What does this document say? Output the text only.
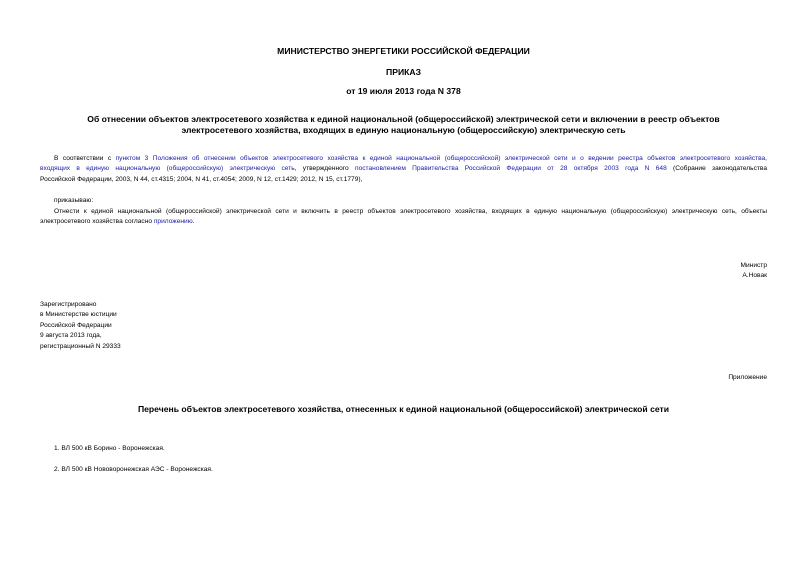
МИНИСТЕРСТВО ЭНЕРГЕТИКИ РОССИЙСКОЙ ФЕДЕРАЦИИ
ПРИКАЗ
от 19 июля 2013 года N 378
Об отнесении объектов электросетевого хозяйства к единой национальной (общероссийской) электрической сети и включении в реестр объектов
электросетевого хозяйства, входящих в единую национальную (общероссийскую) электрическую сеть
В соответствии с пунктом 3 Положения об отнесении объектов электросетевого хозяйства к единой национальной (общероссийской) электрической сети и о ведении реестра объектов электросетевого хозяйства,
входящих в единую национальную (общероссийскую) электрическую сеть, утвержденного постановлением Правительства Российской Федерации от 28 октября 2003 года N 648 (Собрание законодательства
Российской Федерации, 2003, N 44, ст.4315; 2004, N 41, ст.4054; 2009, N 12, ст.1429; 2012, N 15, ст.1779),
приказываю:
Отнести к единой национальной (общероссийской) электрической сети и включить в реестр объектов электросетевого хозяйства, входящих в единую национальную (общероссийскую) электрическую сеть, объекты
электросетевого хозяйства согласно приложению.
Министр
А.Новак
Зарегистрировано
в Министерстве юстиции
Российской Федерации
9 августа 2013 года,
регистрационный N 29333
Приложение
Перечень объектов электросетевого хозяйства, отнесенных к единой национальной (общероссийской) электрической сети
1. ВЛ 500 кВ Борино - Воронежская.
2. ВЛ 500 кВ Нововоронежская АЭС - Воронежская.
